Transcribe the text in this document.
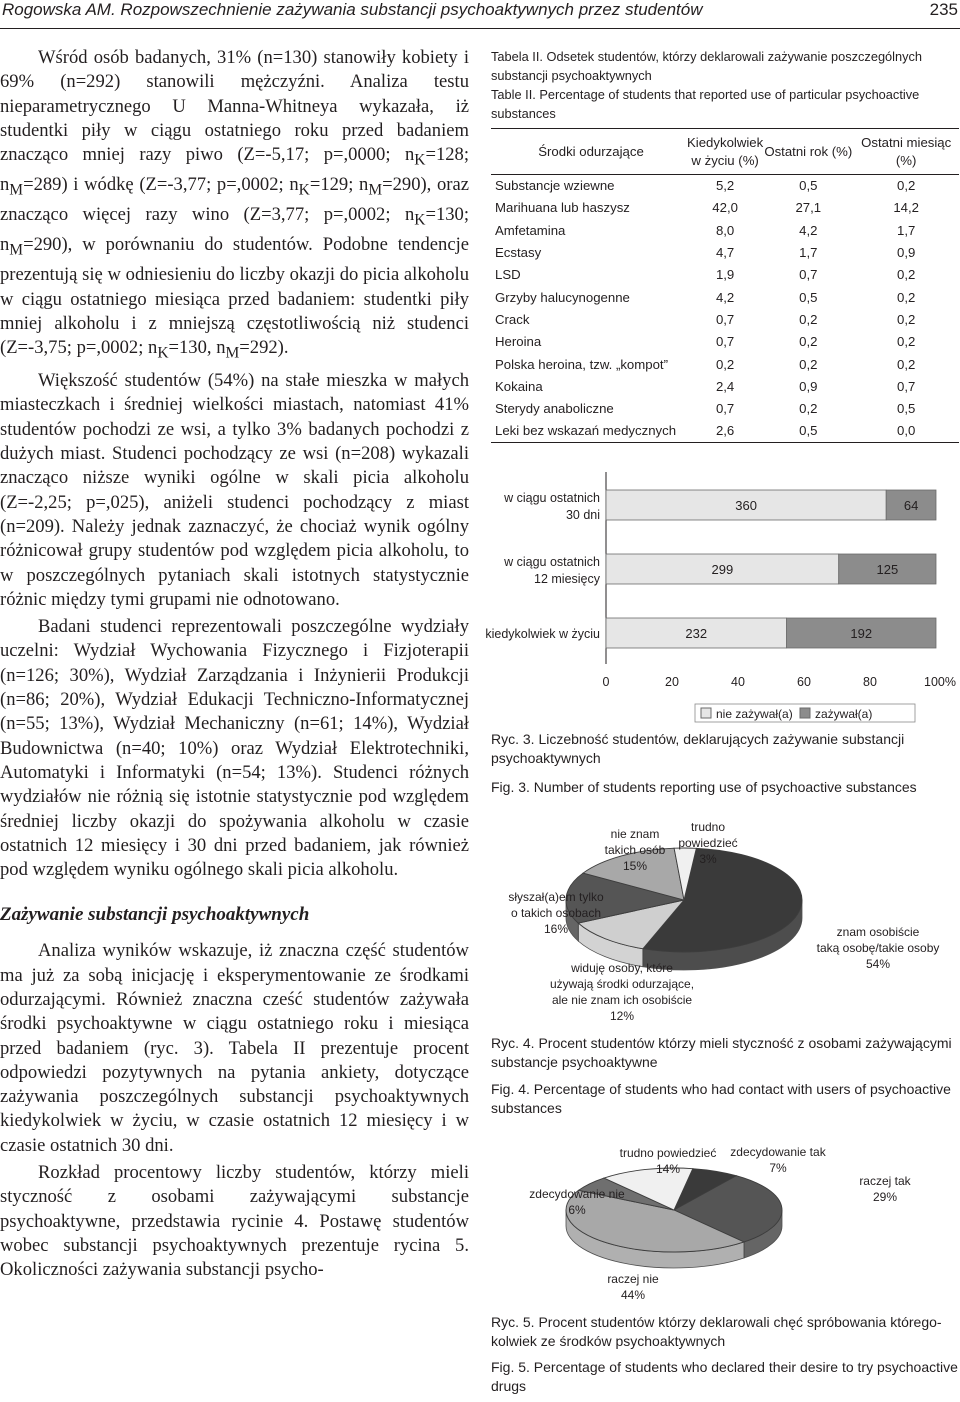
Rogowska AM. Rozpowszechnienie zażywania substancji psychoaktywnych przez studentów	235

Wśród osób badanych, 31% (n=130) stanowiły kobiety i 69% (n=292) stanowili mężczyźni. Analiza testu nieparametrycznego U Manna-Whitneya wykazała, iż studentki piły w ciągu ostatniego roku przed badaniem znacząco mniej razy piwo (Z=-5,17; p=,0000; $n_K=128$; $n_M=289$) i wódkę (Z=-3,77; p=,0002; $n_K=129$; $n_M=290$), oraz znacząco więcej razy wino (Z=3,77; p=,0002; $n_K=130$; $n_M=290$), w porównaniu do studentów. Podobne tendencje prezentują się w odniesieniu do liczby okazji do picia alkoholu w ciągu ostatniego miesiąca przed badaniem: studentki piły mniej alkoholu i z mniejszą częstotliwością niż studenci (Z=-3,75; p=,0002; $n_K=130$, $n_M=292$).

Większość studentów (54%) na stałe mieszka w małych miasteczkach i średniej wielkości miastach, natomiast 41% studentów pochodzi ze wsi, a tylko 3% badanych pochodzi z dużych miast. Studenci pochodzący ze wsi (n=208) wykazali znacząco niższe wyniki ogólne w skali picia alkoholu (Z=-2,25; p=,025), aniżeli studenci pochodzący z miast (n=209). Należy jednak zaznaczyć, że chociaż wynik ogólny różnicował grupy studentów pod względem picia alkoholu, to w poszczególnych pytaniach skali istotnych statystycznie różnic między tymi grupami nie odnotowano.

Badani studenci reprezentowali poszczególne wydziały uczelni: Wydział Wychowania Fizycznego i Fizjoterapii (n=126; 30%), Wydział Zarządzania i Inżynierii Produkcji (n=86; 20%), Wydział Edukacji Techniczno-Informatycznej (n=55; 13%), Wydział Mechaniczny (n=61; 14%), Wydział Budownictwa (n=40; 10%) oraz Wydział Elektrotechniki, Automatyki i Informatyki (n=54; 13%). Studenci różnych wydziałów nie różnią się istotnie statystycznie pod względem średniej liczby okazji do spożywania alkoholu w czasie ostatnich 12 miesięcy i 30 dni przed badaniem, jak również pod względem wyniku ogólnego skali picia alkoholu.

Zażywanie substancji psychoaktywnych

Analiza wyników wskazuje, iż znaczna część studentów ma już za sobą inicjację i eksperymentowanie ze środkami odurzającymi. Również znaczna cześć studentów zażywała środki psychoaktywne w ciągu ostatniego roku i miesiąca przed badaniem (ryc. 3). Tabela II prezentuje procent odpowiedzi pozytywnych na pytania ankiety, dotyczące zażywania poszczególnych substancji psychoaktywnych kiedykolwiek w życiu, w czasie ostatnich 12 miesięcy i w czasie ostatnich 30 dni.

Rozkład procentowy liczby studentów, którzy mieli styczność z osobami zażywającymi substancje psychoaktywne, przedstawia rycinie 4. Postawę studentów wobec substancji psychoaktywnych prezentuje rycina 5. Okoliczności zażywania substancji psycho-

Tabela II. Odsetek studentów, którzy deklarowali zażywanie poszczególnych substancji psychoaktywnych
Table II. Percentage of students that reported use of particular psychoactive substances
Środki odurzające	Kiedykolwiek w życiu (%)	Ostatni rok (%)	Ostatni miesiąc (%)
Substancje wziewne	5,2	0,5	0,2
Marihuana lub haszysz	42,0	27,1	14,2
Amfetamina	8,0	4,2	1,7
Ecstasy	4,7	1,7	0,9
LSD	1,9	0,7	0,2
Grzyby halucynogenne	4,2	0,5	0,2
Crack	0,7	0,2	0,2
Heroina	0,7	0,2	0,2
Polska heroina, tzw. „kompot”	0,2	0,2	0,2
Kokaina	2,4	0,9	0,7
Sterydy anaboliczne	0,7	0,2	0,5
Leki bez wskazań medycznych	2,6	0,5	0,0
360	64
w ciągu ostatnich
30 dni
299	125
w ciągu ostatnich
12 miesięcy
232	192
kiedykolwiek w życiu
0	20	40	60	80	100%
nie zażywał(a) zażywał(a)
Ryc. 3. Liczebność studentów, deklarujących zażywanie substancji psychoaktywnych
Fig. 3. Number of students reporting use of psychoactive substances
nie znam
takich osób
15%
trudno
powiedzieć
3%
słyszał(a)em tylko
o takich osobach
16%	znam osobiście
taką osobę/takie osoby
54%
widuję osoby, które
używają środki odurzające,
ale nie znam ich osobiście
12%
Ryc. 4. Procent studentów którzy mieli styczność z osobami zażywającymi substancje psychoaktywne
Fig. 4. Percentage of students who had contact with users of psychoactive substances
trudno powiedzieć
14%
zdecydowanie tak
7%
raczej tak
29%
zdecydowanie nie
6%
raczej nie
44%
Ryc. 5. Procent studentów którzy deklarowali chęć spróbowania któregokolwiek ze środków psychoaktywnych
Fig. 5. Percentage of students who declared their desire to try psychoactive drugs
